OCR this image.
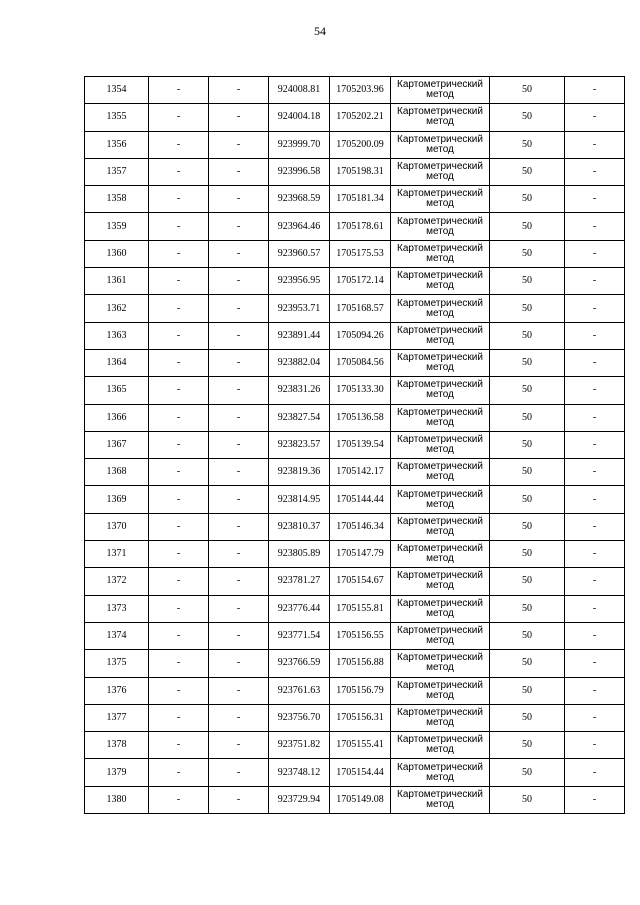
54
1354	-	-	924008.81	1705203.96	Картометрический
метод	50	-
1355	-	-	924004.18	1705202.21	Картометрический
метод	50	-
1356	-	-	923999.70	1705200.09	Картометрический
метод	50	-
1357	-	-	923996.58	1705198.31	Картометрический
метод	50	-
1358	-	-	923968.59	1705181.34	Картометрический
метод	50	-
1359	-	-	923964.46	1705178.61	Картометрический
метод	50	-
1360	-	-	923960.57	1705175.53	Картометрический
метод	50	-
1361	-	-	923956.95	1705172.14	Картометрический
метод	50	-
1362	-	-	923953.71	1705168.57	Картометрический
метод	50	-
1363	-	-	923891.44	1705094.26	Картометрический
метод	50	-
1364	-	-	923882.04	1705084.56	Картометрический
метод	50	-
1365	-	-	923831.26	1705133.30	Картометрический
метод	50	-
1366	-	-	923827.54	1705136.58	Картометрический
метод	50	-
1367	-	-	923823.57	1705139.54	Картометрический
метод	50	-
1368	-	-	923819.36	1705142.17	Картометрический
метод	50	-
1369	-	-	923814.95	1705144.44	Картометрический
метод	50	-
1370	-	-	923810.37	1705146.34	Картометрический
метод	50	-
1371	-	-	923805.89	1705147.79	Картометрический
метод	50	-
1372	-	-	923781.27	1705154.67	Картометрический
метод	50	-
1373	-	-	923776.44	1705155.81	Картометрический
метод	50	-
1374	-	-	923771.54	1705156.55	Картометрический
метод	50	-
1375	-	-	923766.59	1705156.88	Картометрический
метод	50	-
1376	-	-	923761.63	1705156.79	Картометрический
метод	50	-
1377	-	-	923756.70	1705156.31	Картометрический
метод	50	-
1378	-	-	923751.82	1705155.41	Картометрический
метод	50	-
1379	-	-	923748.12	1705154.44	Картометрический
метод	50	-
1380	-	-	923729.94	1705149.08	Картометрический
метод	50	-
